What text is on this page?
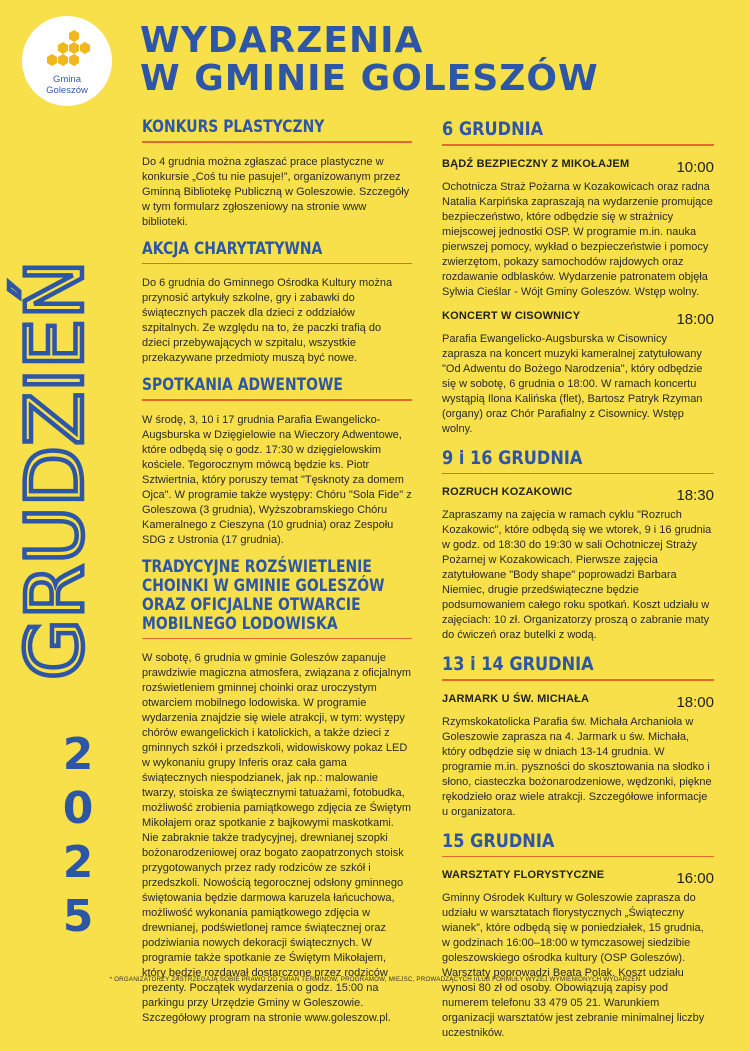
Gmina
Goleszów
WYDARZENIA
W GMINIE GOLESZÓW
GRUDZIEŃ
2
0
2
5
KONKURS PLASTYCZNY
Do 4 grudnia można zgłaszać prace plastyczne w konkursie „Coś tu nie pasuje!”, organizowanym przez Gminną Bibliotekę Publiczną w Goleszowie. Szczegóły w tym formularz zgłoszeniowy na stronie www biblioteki.
AKCJA CHARYTATYWNA
Do 6 grudnia do Gminnego Ośrodka Kultury można przynosić artykuły szkolne, gry i zabawki do świątecznych paczek dla dzieci z oddziałów szpitalnych. Ze względu na to, że paczki trafią do dzieci przebywających w szpitalu, wszystkie przekazywane przedmioty muszą być nowe.
SPOTKANIA ADWENTOWE
W środę, 3, 10 i 17 grudnia Parafia Ewangelicko-Augsburska w Dzięgielowie na Wieczory Adwentowe, które odbędą się o godz. 17:30 w dzięgielowskim kościele. Tegorocznym mówcą będzie ks. Piotr Sztwiertnia, który poruszy temat "Tęsknoty za domem Ojca". W programie także występy: Chóru "Sola Fide" z Goleszowa (3 grudnia), Wyższobramskiego Chóru Kameralnego z Cieszyna (10 grudnia) oraz Zespołu SDG z Ustronia (17 grudnia).
TRADYCYJNE ROZŚWIETLENIE CHOINKI W GMINIE GOLESZÓW ORAZ OFICJALNE OTWARCIE MOBILNEGO LODOWISKA
W sobotę, 6 grudnia w gminie Goleszów zapanuje prawdziwie magiczna atmosfera, związana z oficjalnym rozświetleniem gminnej choinki oraz uroczystym otwarciem mobilnego lodowiska. W programie wydarzenia znajdzie się wiele atrakcji, w tym: występy chórów ewangelickich i katolickich, a także dzieci z gminnych szkół i przedszkoli, widowiskowy pokaz LED w wykonaniu grupy Inferis oraz cała gama świątecznych niespodzianek, jak np.: malowanie twarzy, stoiska ze świątecznymi tatuażami, fotobudka, możliwość zrobienia pamiątkowego zdjęcia ze Świętym Mikołajem oraz spotkanie z bajkowymi maskotkami. Nie zabraknie także tradycyjnej, drewnianej szopki bożonarodzeniowej oraz bogato zaopatrzonych stoisk przygotowanych przez rady rodziców ze szkół i przedszkoli. Nowością tegorocznej odsłony gminnego świętowania będzie darmowa karuzela łańcuchowa, możliwość wykonania pamiątkowego zdjęcia w drewnianej, podświetlonej ramce świątecznej oraz podziwiania nowych dekoracji świątecznych. W programie także spotkanie ze Świętym Mikołajem, który będzie rozdawał dostarczone przez rodziców prezenty. Początek wydarzenia o godz. 15:00 na parkingu przy Urzędzie Gminy w Goleszowie. Szczegółowy program na stronie www.goleszow.pl.
6 GRUDNIA
BĄDŹ BEZPIECZNY Z MIKOŁAJEM	10:00
Ochotnicza Straż Pożarna w Kozakowicach oraz radna Natalia Karpińska zapraszają na wydarzenie promujące bezpieczeństwo, które odbędzie się w strażnicy miejscowej jednostki OSP. W programie m.in. nauka pierwszej pomocy, wykład o bezpieczeństwie i pomocy zwierzętom, pokazy samochodów rajdowych oraz rozdawanie odblasków. Wydarzenie patronatem objęła Sylwia Cieślar - Wójt Gminy Goleszów. Wstęp wolny.
KONCERT W CISOWNICY	18:00
Parafia Ewangelicko-Augsburska w Cisownicy zaprasza na koncert muzyki kameralnej zatytułowany "Od Adwentu do Bożego Narodzenia", który odbędzie się w sobotę, 6 grudnia o 18:00. W ramach koncertu wystąpią Ilona Kalińska (flet), Bartosz Patryk Rzyman (organy) oraz Chór Parafialny z Cisownicy. Wstęp wolny.
9 i 16 GRUDNIA
ROZRUCH KOZAKOWIC	18:30
Zapraszamy na zajęcia w ramach cyklu "Rozruch Kozakowic", które odbędą się we wtorek, 9 i 16 grudnia w godz. od 18:30 do 19:30 w sali Ochotniczej Straży Pożarnej w Kozakowicach. Pierwsze zajęcia zatytułowane "Body shape" poprowadzi Barbara Niemiec, drugie przedświąteczne będzie podsumowaniem całego roku spotkań. Koszt udziału w zajęciach: 10 zł. Organizatorzy proszą o zabranie maty do ćwiczeń oraz butelki z wodą.
13 i 14 GRUDNIA
JARMARK U ŚW. MICHAŁA	18:00
Rzymskokatolicka Parafia św. Michała Archanioła w Goleszowie zaprasza na 4. Jarmark u św. Michała, który odbędzie się w dniach 13-14 grudnia. W programie m.in. pyszności do skosztowania na słodko i słono, ciasteczka bożonarodzeniowe, wędzonki, piękne rękodzieło oraz wiele atrakcji. Szczegółowe informacje u organizatora.
15 GRUDNIA
WARSZTATY FLORYSTYCZNE	16:00
Gminny Ośrodek Kultury w Goleszowie zaprasza do udziału w warsztatach florystycznych „Świąteczny wianek”, które odbędą się w poniedziałek, 15 grudnia, w godzinach 16:00–18:00 w tymczasowej siedzibie goleszowskiego ośrodka kultury (OSP Goleszów). Warsztaty poprowadzi Beata Polak. Koszt udziału wynosi 80 zł od osoby. Obowiązują zapisy pod numerem telefonu 33 479 05 21. Warunkiem organizacji warsztatów jest zebranie minimalnej liczby uczestników.
* ORGANIZATORZY ZASTRZEGAJĄ SOBIE PRAWO DO ZMIAN TERMINÓW, PROGRAMÓW, MIEJSC, PROWADZĄCYCH I/LUB FORMUŁY WYŻEJ WYMIENIONYCH WYDARZEŃ
